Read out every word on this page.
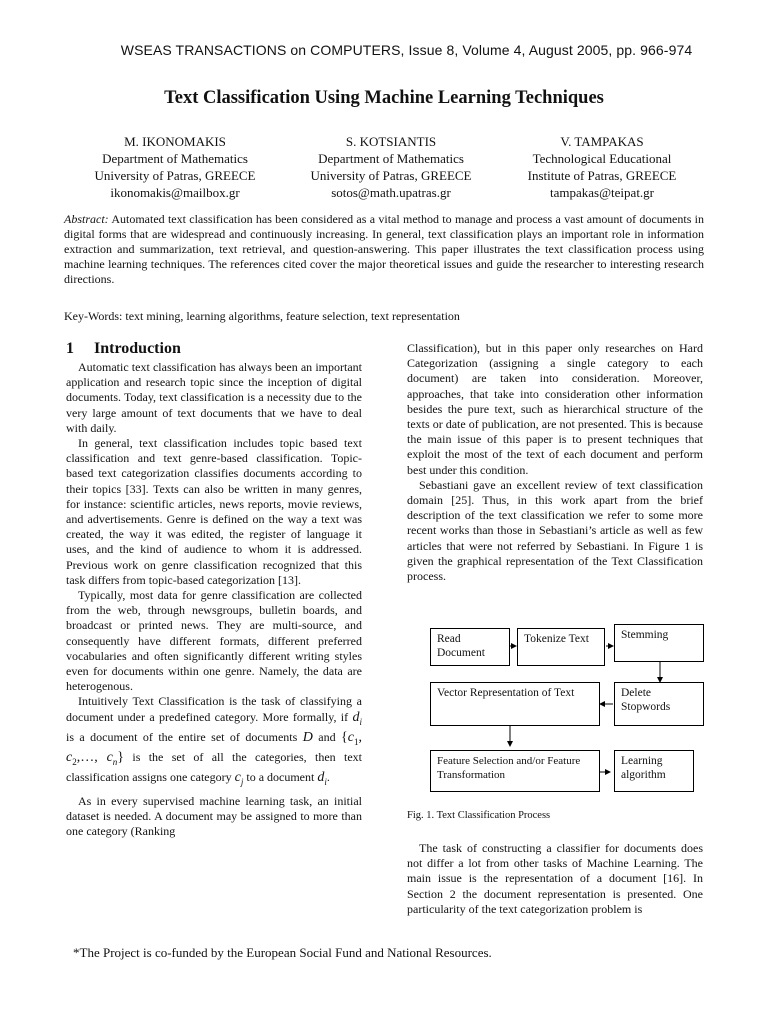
WSEAS TRANSACTIONS on COMPUTERS, Issue 8, Volume 4, August 2005, pp. 966-974
Text Classification Using Machine Learning Techniques
M. IKONOMAKIS
Department of Mathematics
University of Patras, GREECE
ikonomakis@mailbox.gr
S. KOTSIANTIS
Department of Mathematics
University of Patras, GREECE
sotos@math.upatras.gr
V. TAMPAKAS
Technological Educational
Institute of Patras, GREECE
tampakas@teipat.gr
Abstract: Automated text classification has been considered as a vital method to manage and process a vast amount of documents in digital forms that are widespread and continuously increasing. In general, text classification plays an important role in information extraction and summarization, text retrieval, and question-answering. This paper illustrates the text classification process using machine learning techniques. The references cited cover the major theoretical issues and guide the researcher to interesting research directions.
Key-Words: text mining, learning algorithms, feature selection, text representation
1 Introduction

Automatic text classification has always been an important application and research topic since the inception of digital documents. Today, text classification is a necessity due to the very large amount of text documents that we have to deal with daily.

In general, text classification includes topic based text classification and text genre-based classification. Topic-based text categorization classifies documents according to their topics [33]. Texts can also be written in many genres, for instance: scientific articles, news reports, movie reviews, and advertisements. Genre is defined on the way a text was created, the way it was edited, the register of language it uses, and the kind of audience to whom it is addressed. Previous work on genre classification recognized that this task differs from topic-based categorization [13].

Typically, most data for genre classification are collected from the web, through newsgroups, bulletin boards, and broadcast or printed news. They are multi-source, and consequently have different formats, different preferred vocabularies and often significantly different writing styles even for documents within one genre. Namely, the data are heterogenous.

Intuitively Text Classification is the task of classifying a document under a predefined category. More formally, if $d_i$ is a document of the entire set of documents D and {$c_1$, $c_2,\dots$, $c_n$} is the set of all the categories, then text classification assigns one category $c_j$ to a document $d_i$.

As in every supervised machine learning task, an initial dataset is needed. A document may be assigned to more than one category (Ranking

Classification), but in this paper only researches on Hard Categorization (assigning a single category to each document) are taken into consideration. Moreover, approaches, that take into consideration other information besides the pure text, such as hierarchical structure of the texts or date of publication, are not presented. This is because the main issue of this paper is to present techniques that exploit the most of the text of each document and perform best under this condition.

Sebastiani gave an excellent review of text classification domain [25]. Thus, in this work apart from the brief description of the text classification we refer to some more recent works than those in Sebastiani’s article as well as few articles that were not referred by Sebastiani. In Figure 1 is given the graphical representation of the Text Classification process.

Read Document
Tokenize Text	Stemming
Vector Representation of Text	Delete Stopwords
Feature Selection and/or Feature Transformation
Learning algorithm
Fig. 1. Text Classification Process

The task of constructing a classifier for documents does not differ a lot from other tasks of Machine Learning. The main issue is the representation of a document [16]. In Section 2 the document representation is presented. One particularity of the text categorization problem is

*The Project is co-funded by the European Social Fund and National Resources.
